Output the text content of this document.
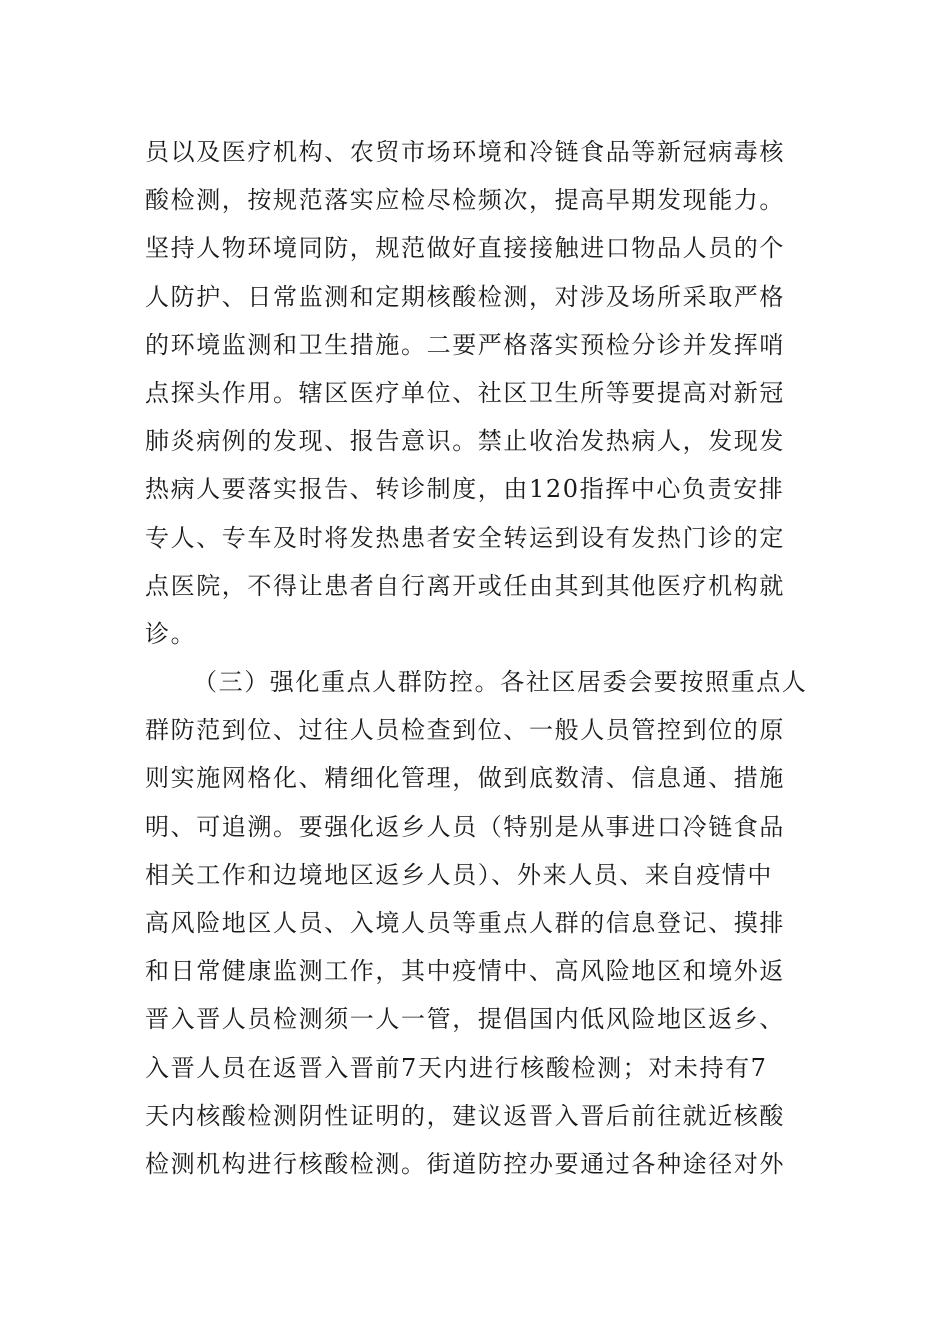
员以及医疗机构、农贸市场环境和冷链食品等新冠病毒核
酸检测，按规范落实应检尽检频次，提高早期发现能力。
坚持人物环境同防，规范做好直接接触进口物品人员的个
人防护、日常监测和定期核酸检测，对涉及场所采取严格
的环境监测和卫生措施。二要严格落实预检分诊并发挥哨
点探头作用。辖区医疗单位、社区卫生所等要提高对新冠
肺炎病例的发现、报告意识。禁止收治发热病人，发现发
热病人要落实报告、转诊制度，由120指挥中心负责安排
专人、专车及时将发热患者安全转运到设有发热门诊的定
点医院，不得让患者自行离开或任由其到其他医疗机构就
诊。
（三）强化重点人群防控。各社区居委会要按照重点人
群防范到位、过往人员检查到位、一般人员管控到位的原
则实施网格化、精细化管理，做到底数清、信息通、措施
明、可追溯。要强化返乡人员（特别是从事进口冷链食品
相关工作和边境地区返乡人员）、外来人员、来自疫情中
高风险地区人员、入境人员等重点人群的信息登记、摸排
和日常健康监测工作，其中疫情中、高风险地区和境外返
晋入晋人员检测须一人一管，提倡国内低风险地区返乡、
入晋人员在返晋入晋前7天内进行核酸检测；对未持有7
天内核酸检测阴性证明的，建议返晋入晋后前往就近核酸
检测机构进行核酸检测。街道防控办要通过各种途径对外
